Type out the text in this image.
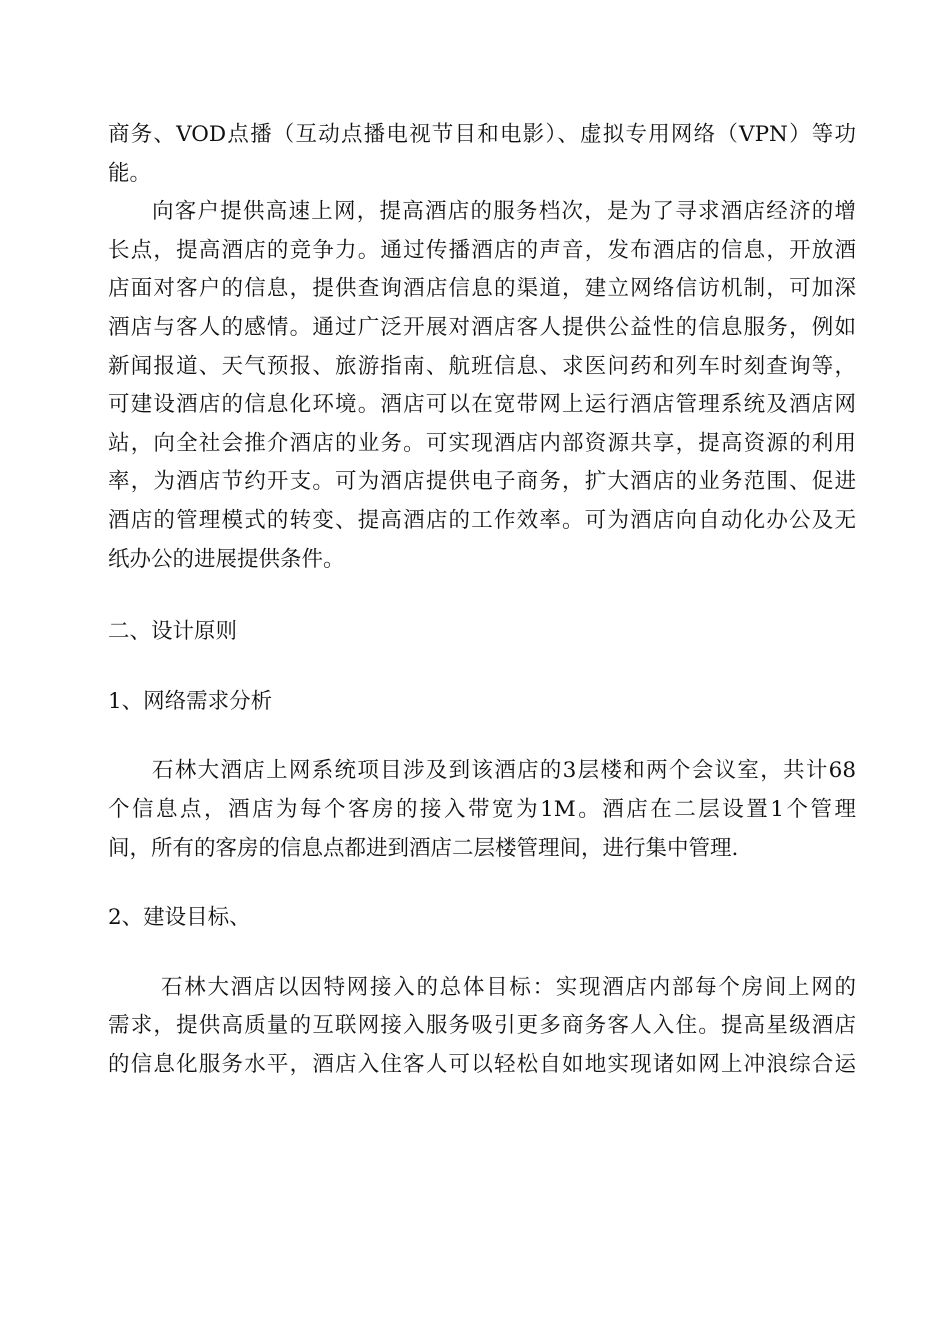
商务、VOD点播（互动点播电视节目和电影）、虚拟专用网络（VPN）等功
能。
向客户提供高速上网，提高酒店的服务档次，是为了寻求酒店经济的增
长点，提高酒店的竞争力。通过传播酒店的声音，发布酒店的信息，开放酒
店面对客户的信息，提供查询酒店信息的渠道，建立网络信访机制，可加深
酒店与客人的感情。通过广泛开展对酒店客人提供公益性的信息服务，例如
新闻报道、天气预报、旅游指南、航班信息、求医问药和列车时刻查询等，
可建设酒店的信息化环境。酒店可以在宽带网上运行酒店管理系统及酒店网
站，向全社会推介酒店的业务。可实现酒店内部资源共享，提高资源的利用
率，为酒店节约开支。可为酒店提供电子商务，扩大酒店的业务范围、促进
酒店的管理模式的转变、提高酒店的工作效率。可为酒店向自动化办公及无
纸办公的进展提供条件。
二、设计原则
1、网络需求分析
石林大酒店上网系统项目涉及到该酒店的3层楼和两个会议室，共计68
个信息点，酒店为每个客房的接入带宽为1M。酒店在二层设置1个管理
间，所有的客房的信息点都进到酒店二层楼管理间，进行集中管理.
2、建设目标、
石林大酒店以因特网接入的总体目标：实现酒店内部每个房间上网的
需求，提供高质量的互联网接入服务吸引更多商务客人入住。提高星级酒店
的信息化服务水平，酒店入住客人可以轻松自如地实现诸如网上冲浪综合运
